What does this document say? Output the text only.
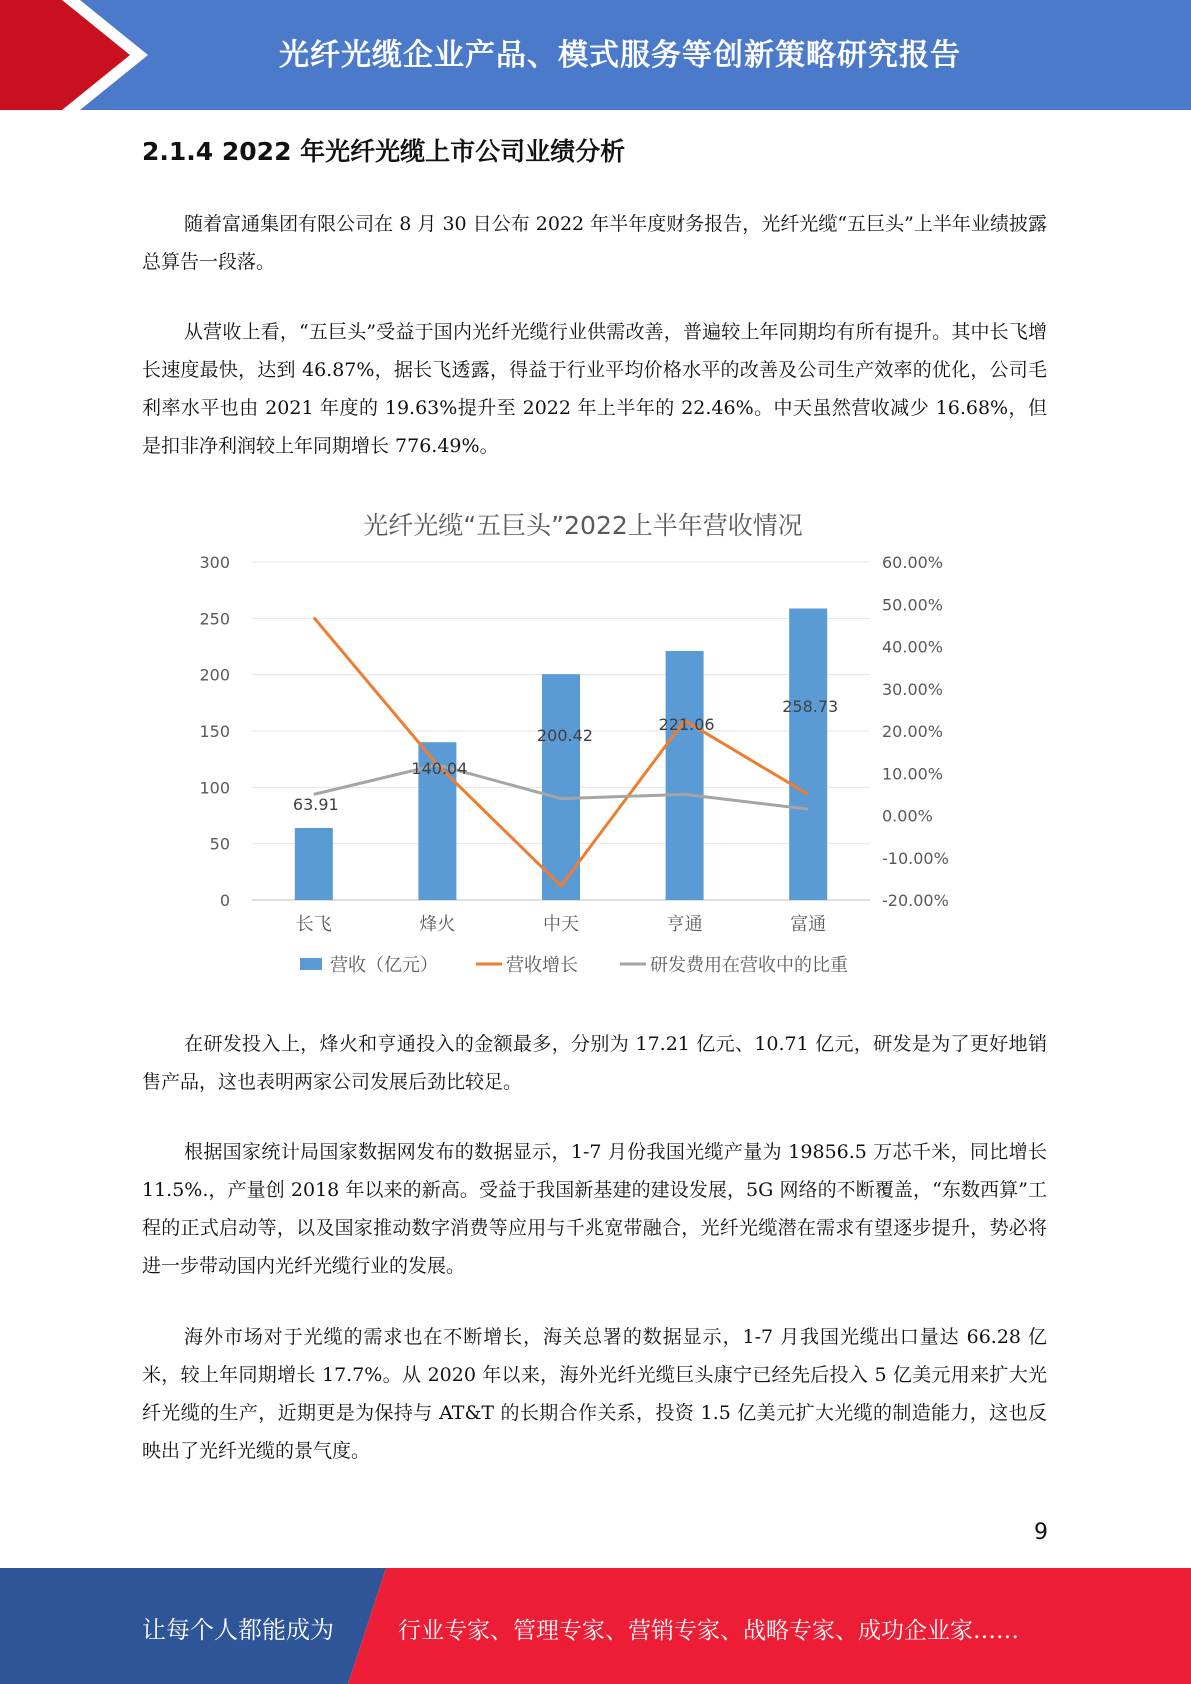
光纤光缆企业产品、模式服务等创新策略研究报告
2.1.4 2022 年光纤光缆上市公司业绩分析

随着富通集团有限公司在 8 月 30 日公布 2022 年半年度财务报告，光纤光缆“五巨头”上半年业绩披露总算告一段落。

从营收上看，“五巨头”受益于国内光纤光缆行业供需改善，普遍较上年同期均有所有提升。其中长飞增长速度最快，达到 46.87%，据长飞透露，得益于行业平均价格水平的改善及公司生产效率的优化，公司毛利率水平也由 2021 年度的 19.63%提升至 2022 年上半年的 22.46%。中天虽然营收减少 16.68%，但是扣非净利润较上年同期增长 776.49%。

光纤光缆“五巨头”2022上半年营收情况
63.91
140.04
200.42
221.06
258.73
0
50
100
150
200
250
300
-20.00%
-10.00%
0.00%
10.00%
20.00%
30.00%
40.00%
50.00%
60.00%
长飞	烽火	中天	亨通	富通
营收（亿元）	营收增长	研发费用在营收中的比重

在研发投入上，烽火和亨通投入的金额最多，分别为 17.21 亿元、10.71 亿元，研发是为了更好地销售产品，这也表明两家公司发展后劲比较足。

根据国家统计局国家数据网发布的数据显示，1-7 月份我国光缆产量为 19856.5 万芯千米，同比增长 11.5%.，产量创 2018 年以来的新高。受益于我国新基建的建设发展，5G 网络的不断覆盖，“东数西算”工程的正式启动等，以及国家推动数字消费等应用与千兆宽带融合，光纤光缆潜在需求有望逐步提升，势必将进一步带动国内光纤光缆行业的发展。

海外市场对于光缆的需求也在不断增长，海关总署的数据显示，1-7 月我国光缆出口量达 66.28 亿米，较上年同期增长 17.7%。从 2020 年以来，海外光纤光缆巨头康宁已经先后投入 5 亿美元用来扩大光纤光缆的生产，近期更是为保持与 AT&T 的长期合作关系，投资 1.5 亿美元扩大光缆的制造能力，这也反映出了光纤光缆的景气度。

9
让每个人都能成为	行业专家、管理专家、营销专家、战略专家、成功企业家……
